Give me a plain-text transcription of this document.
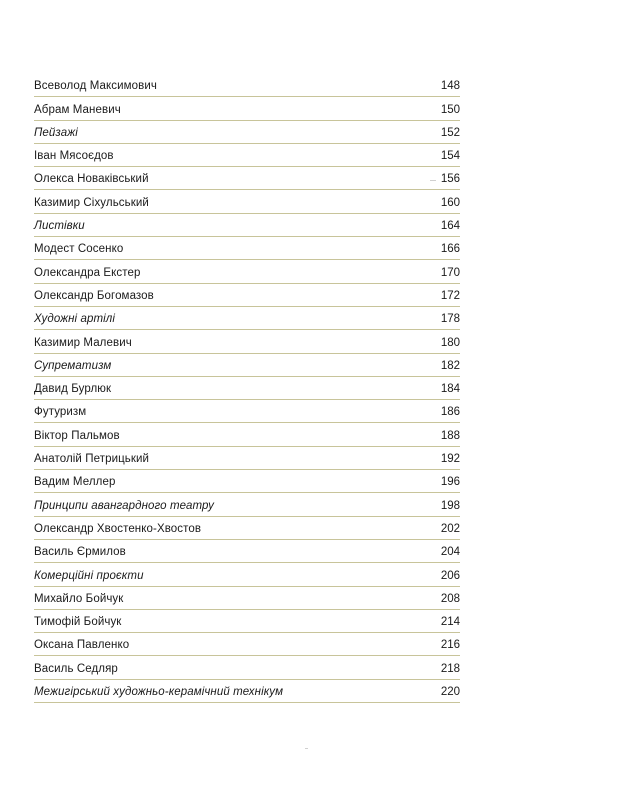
Всеволод Максимович	148
Абрам Маневич	150
Пейзажі	152
Іван Мясоєдов	154
Олекса Новаківський	156
Казимир Сіхульський	160
Листівки	164
Модест Сосенко	166
Олександра Екстер	170
Олександр Богомазов	172
Художні артілі	178
Казимир Малевич	180
Супрематизм	182
Давид Бурлюк	184
Футуризм	186
Віктор Пальмов	188
Анатолій Петрицький	192
Вадим Меллер	196
Принципи авангардного театру	198
Олександр Хвостенко-Хвостов	202
Василь Єрмилов	204
Комерційні проєкти	206
Михайло Бойчук	208
Тимофій Бойчук	214
Оксана Павленко	216
Василь Седляр	218
Межигірський художньо-керамічний технікум	220
